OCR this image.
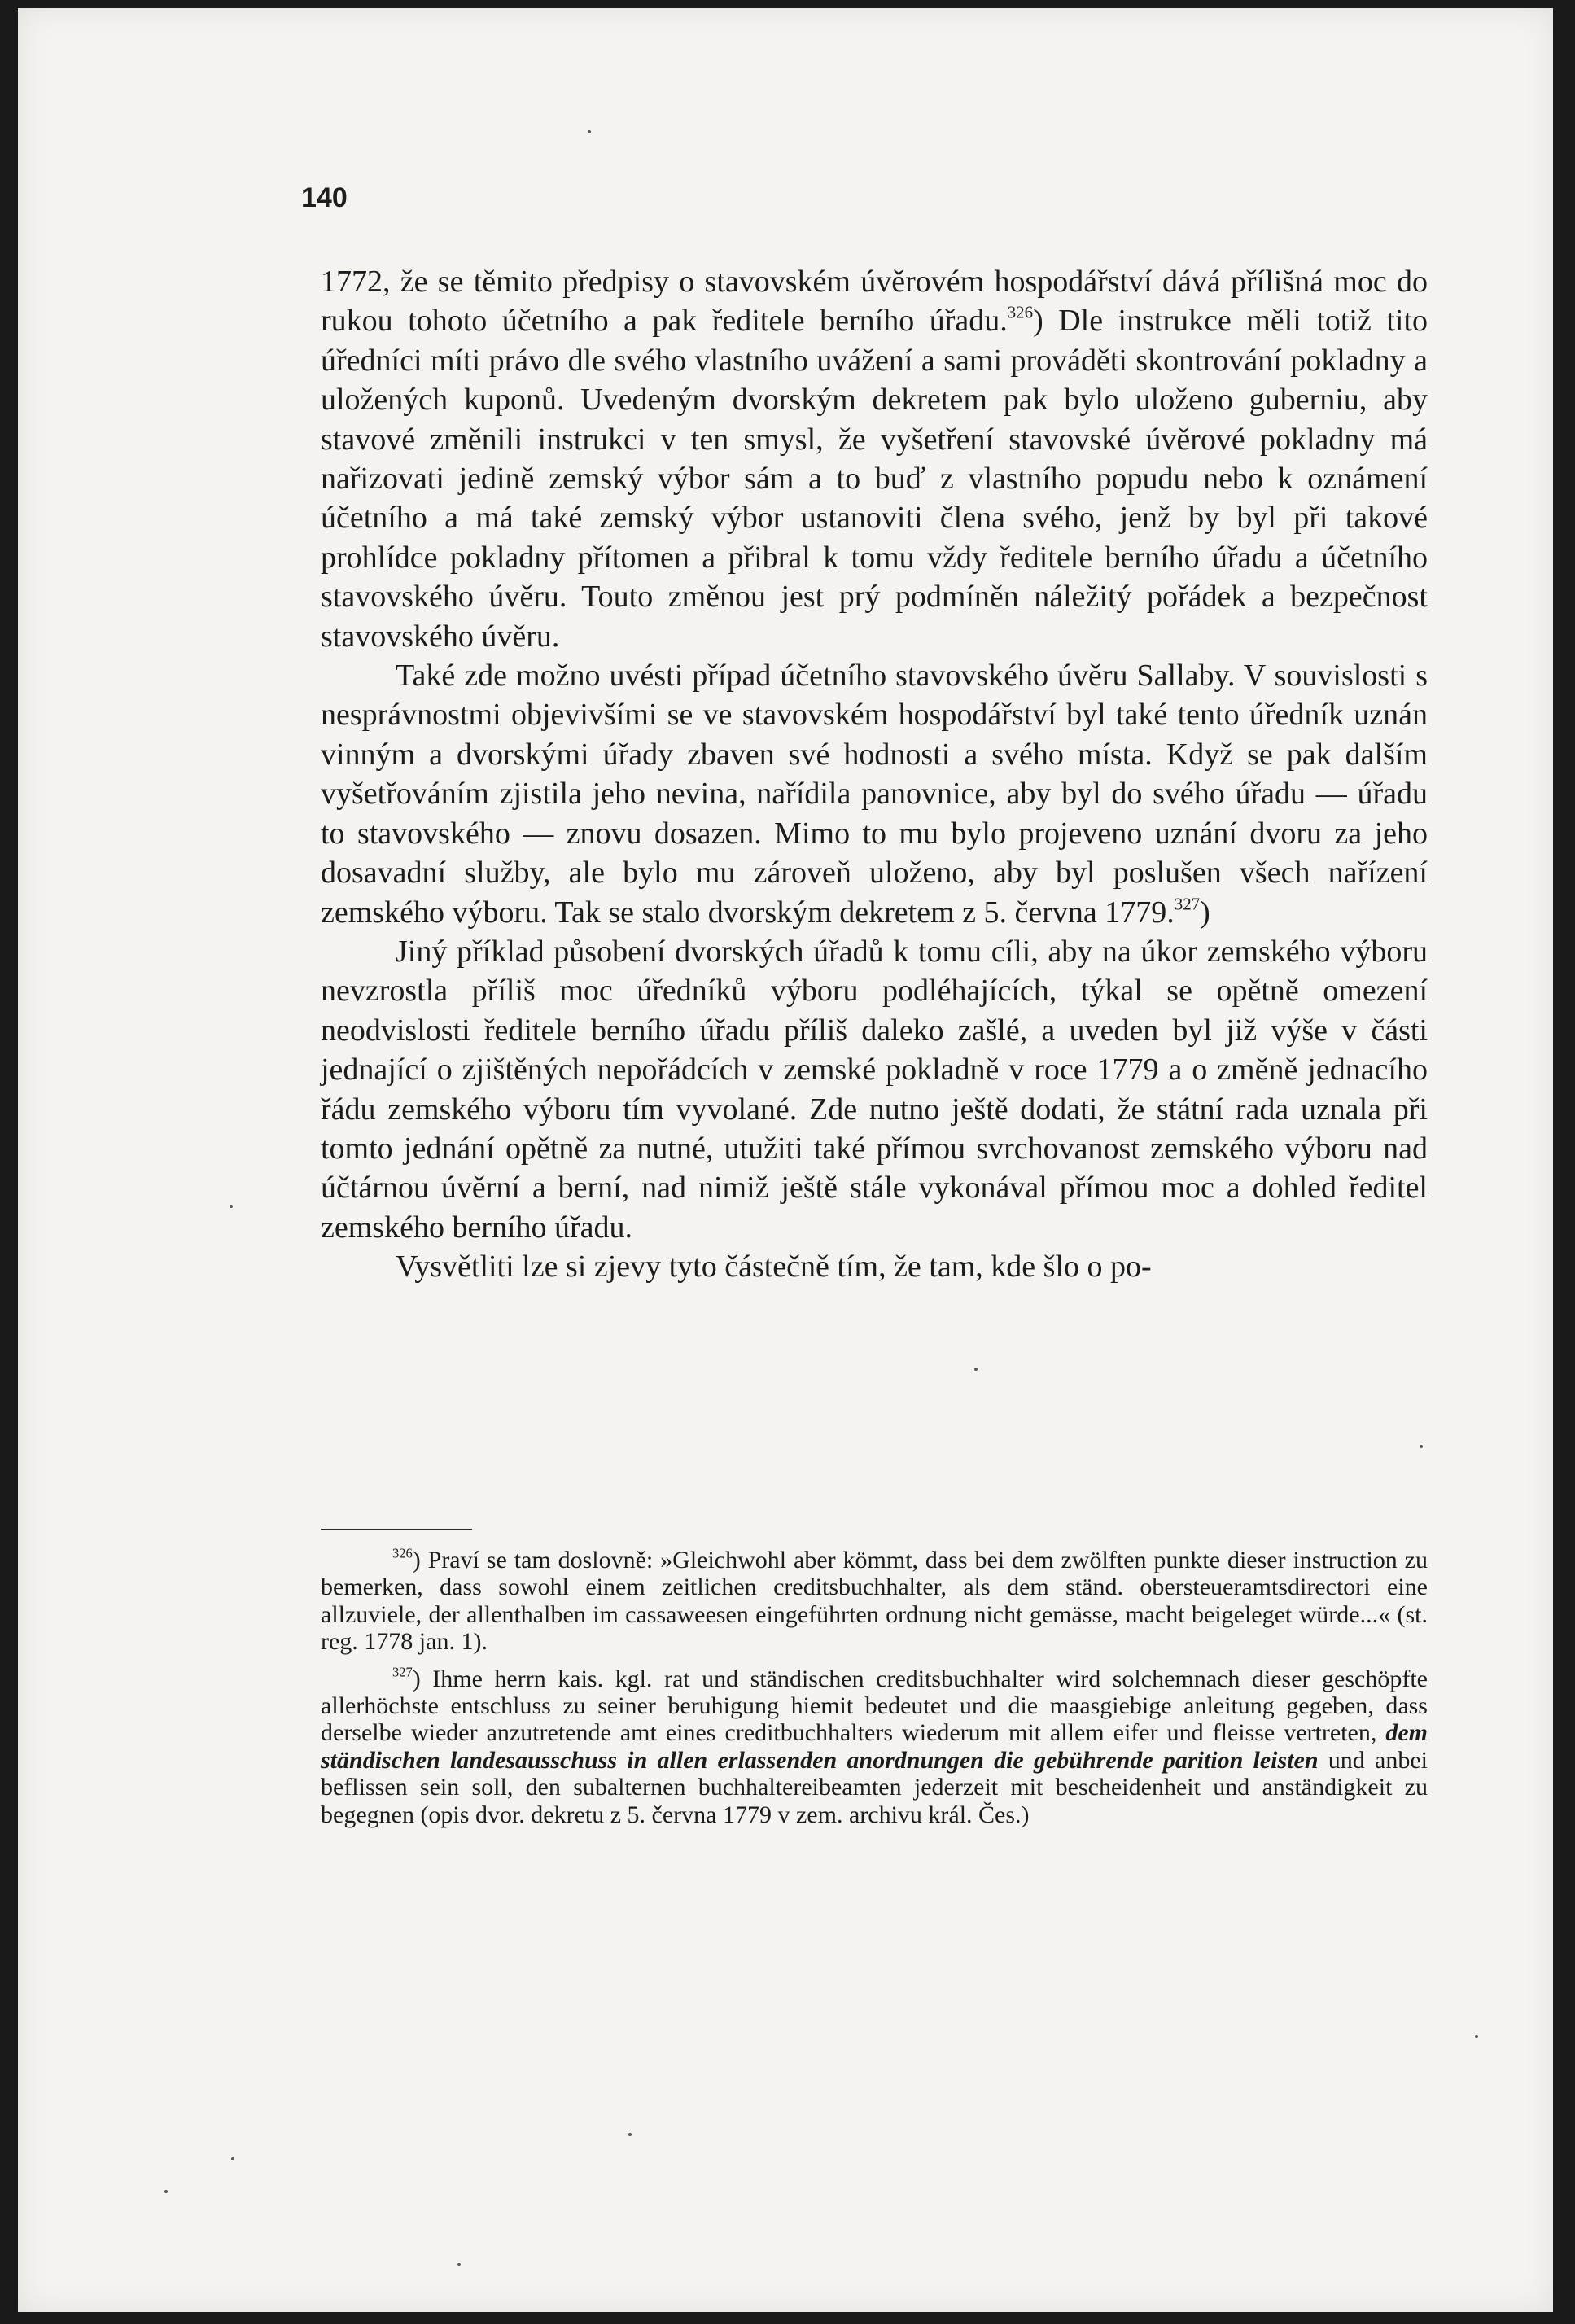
140

1772, že se těmito předpisy o stavovském úvěrovém hospodářství dává přílišná moc do rukou tohoto účetního a pak ředitele berního úřadu.$^{326}$) Dle instrukce měli totiž tito úředníci míti právo dle svého vlastního uvážení a sami prováděti skontrování pokladny a uložených kuponů. Uvedeným dvorským dekretem pak bylo uloženo guberniu, aby stavové změnili instrukci v ten smysl, že vyšetření stavovské úvěrové pokladny má nařizovati jedině zemský výbor sám a to buď z vlastního popudu nebo k oznámení účetního a má také zemský výbor ustanoviti člena svého, jenž by byl při takové prohlídce pokladny přítomen a přibral k tomu vždy ředitele berního úřadu a účetního stavovského úvěru. Touto změnou jest prý podmíněn náležitý pořádek a bezpečnost stavovského úvěru.

Také zde možno uvésti případ účetního stavovského úvěru Sallaby. V souvislosti s nesprávnostmi objevivšími se ve stavovském hospodářství byl také tento úředník uznán vinným a dvorskými úřady zbaven své hodnosti a svého místa. Když se pak dalším vyšetřováním zjistila jeho nevina, nařídila panovnice, aby byl do svého úřadu — úřadu to stavovského — znovu dosazen. Mimo to mu bylo projeveno uznání dvoru za jeho dosavadní služby, ale bylo mu zároveň uloženo, aby byl poslušen všech nařízení zemského výboru. Tak se stalo dvorským dekretem z 5. června 1779.$^{327}$)

Jiný příklad působení dvorských úřadů k tomu cíli, aby na úkor zemského výboru nevzrostla příliš moc úředníků výboru podléhajících, týkal se opětně omezení neodvislosti ředitele berního úřadu příliš daleko zašlé, a uveden byl již výše v části jednající o zjištěných nepořádcích v zemské pokladně v roce 1779 a o změně jednacího řádu zemského výboru tím vyvolané. Zde nutno ještě dodati, že státní rada uznala při tomto jednání opětně za nutné, utužiti také přímou svrchovanost zemského výboru nad účtárnou úvěrní a berní, nad nimiž ještě stále vykonával přímou moc a dohled ředitel zemského berního úřadu.

Vysvětliti lze si zjevy tyto částečně tím, že tam, kde šlo o po-

$^{326}$) Praví se tam doslovně: »Gleichwohl aber kömmt, dass bei dem zwölften punkte dieser instruction zu bemerken, dass sowohl einem zeitlichen creditsbuchhalter, als dem ständ. obersteueramtsdirectori eine allzuviele, der allenthalben im cassaweesen eingeführten ordnung nicht gemässe, macht beigeleget würde...« (st. reg. 1778 jan. 1).

$^{327}$) Ihme herrn kais. kgl. rat und ständischen creditsbuchhalter wird solchemnach dieser geschöpfte allerhöchste entschluss zu seiner beruhigung hiemit bedeutet und die maasgiebige anleitung gegeben, dass derselbe wieder anzutretende amt eines creditbuchhalters wiederum mit allem eifer und fleisse vertreten, dem ständischen landesausschuss in allen erlassenden anordnungen die gebührende parition leisten und anbei beflissen sein soll, den subalternen buchhaltereibeamten jederzeit mit bescheidenheit und anständigkeit zu begegnen (opis dvor. dekretu z 5. června 1779 v zem. archivu král. Čes.)
